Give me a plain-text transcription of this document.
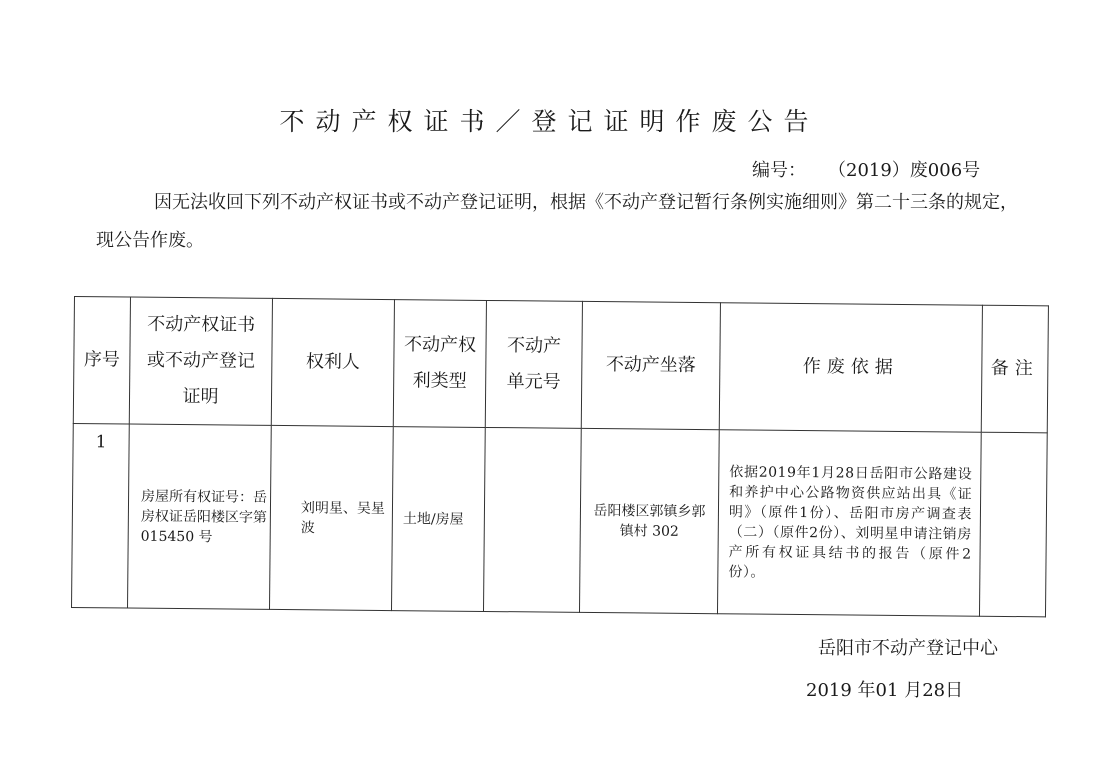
不动产权证书／登记证明作废公告
编号： （2019）废006号
因无法收回下列不动产权证书或不动产登记证明，根据《不动产登记暂行条例实施细则》第二十三条的规定，现公告作废。
序号	不动产权证书或不动产登记证明	权利人	不动产权利类型	不动产单元号	不动产坐落	作废依据	备注
1	房屋所有权证号：岳房权证岳阳楼区字第 015450 号	刘明星、吴星波	土地/房屋		岳阳楼区郭镇乡郭镇村 302	依据2019年1月28日岳阳市公路建设和养护中心公路物资供应站出具《证明》（原件1份）、岳阳市房产调查表（二）（原件2份）、刘明星申请注销房产所有权证具结书的报告（原件2份）。	
岳阳市不动产登记中心
2019 年01 月28日
